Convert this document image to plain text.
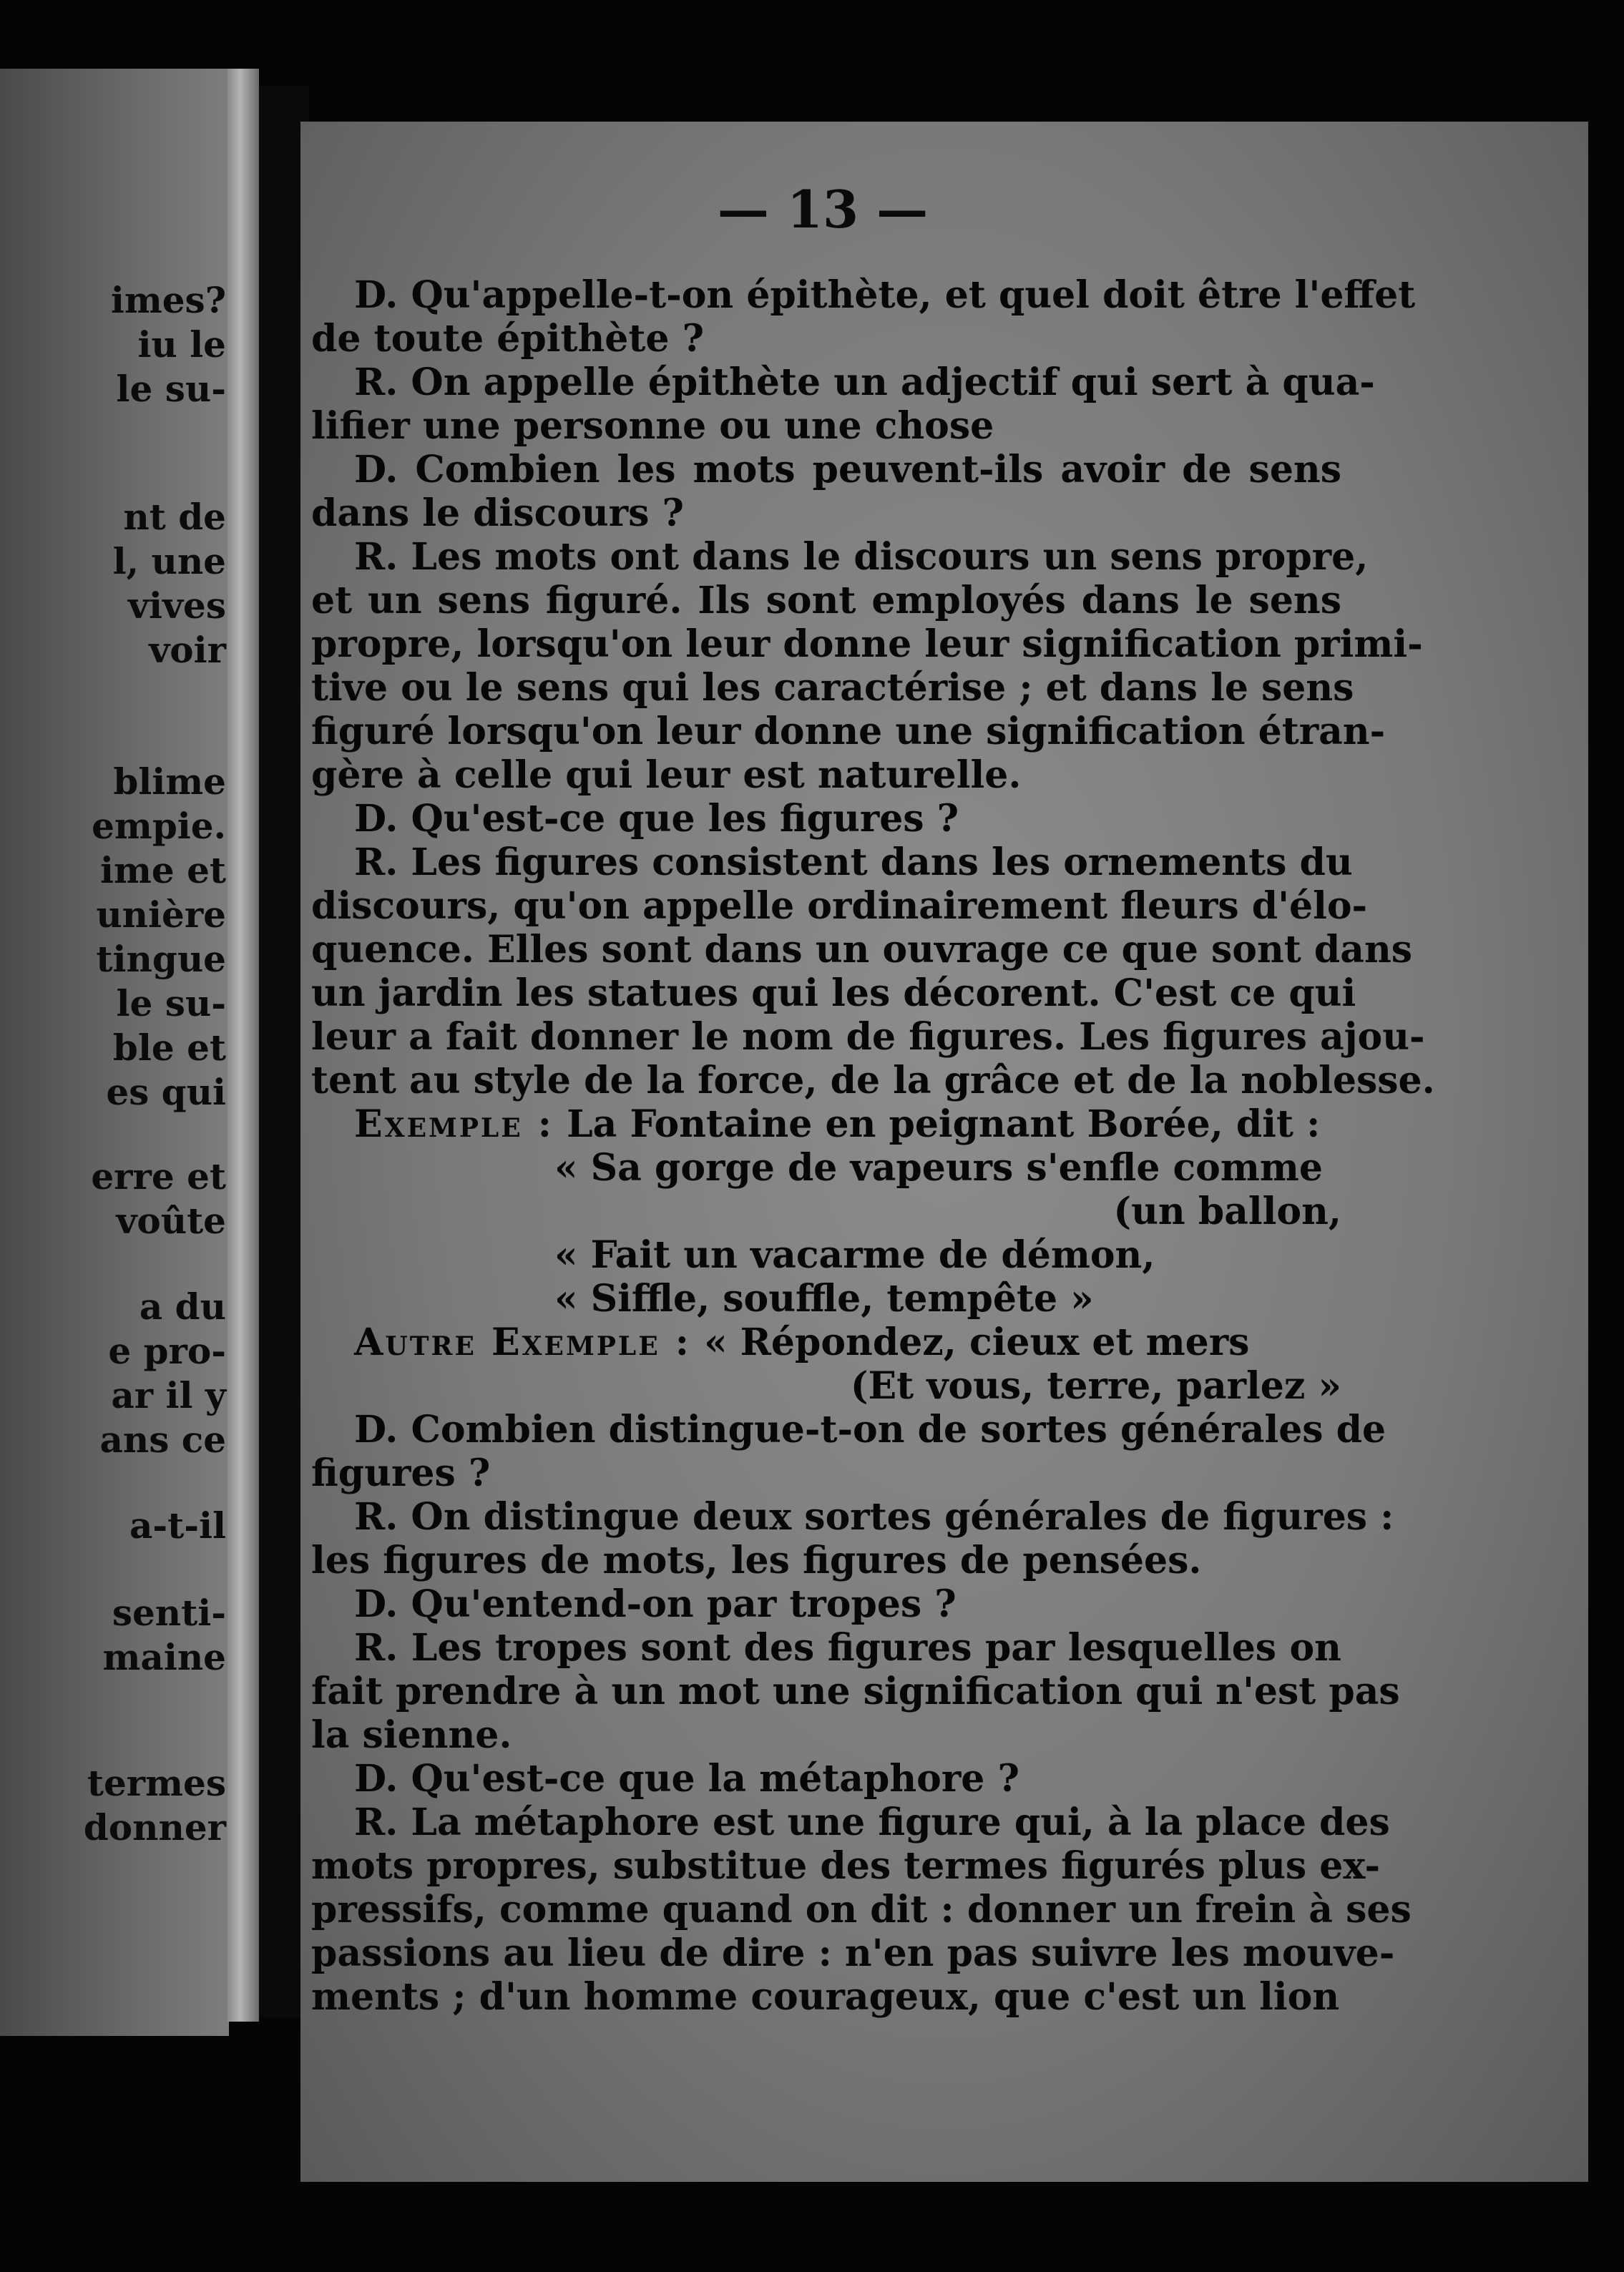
imes?
iu le
le su-
nt de
l, une
vives
voir
blime
empie.
ime et
unière
tingue
le su-
ble et
es qui
erre et
voûte
a du
e pro-
ar il y
ans ce
a-t-il
senti-
maine
termes
donner
— 13 —
D. Qu'appelle-t-on épithète, et quel doit être l'effet
de toute épithète ?
R. On appelle épithète un adjectif qui sert à qua-
lifier une personne ou une chose
D. Combien les mots peuvent-ils avoir de sens
dans le discours ?
R. Les mots ont dans le discours un sens propre,
et un sens figuré. Ils sont employés dans le sens
propre, lorsqu'on leur donne leur signification primi-
tive ou le sens qui les caractérise ; et dans le sens
figuré lorsqu'on leur donne une signification étran-
gère à celle qui leur est naturelle.
D. Qu'est-ce que les figures ?
R. Les figures consistent dans les ornements du
discours, qu'on appelle ordinairement fleurs d'élo-
quence. Elles sont dans un ouvrage ce que sont dans
un jardin les statues qui les décorent. C'est ce qui
leur a fait donner le nom de figures. Les figures ajou-
tent au style de la force, de la grâce et de la noblesse.
Exemple : La Fontaine en peignant Borée, dit :
« Sa gorge de vapeurs s'enfle comme
(un ballon,
« Fait un vacarme de démon,
« Siffle, souffle, tempête »
Autre Exemple : « Répondez, cieux et mers
(Et vous, terre, parlez »
D. Combien distingue-t-on de sortes générales de
figures ?
R. On distingue deux sortes générales de figures :
les figures de mots, les figures de pensées.
D. Qu'entend-on par tropes ?
R. Les tropes sont des figures par lesquelles on
fait prendre à un mot une signification qui n'est pas
la sienne.
D. Qu'est-ce que la métaphore ?
R. La métaphore est une figure qui, à la place des
mots propres, substitue des termes figurés plus ex-
pressifs, comme quand on dit : donner un frein à ses
passions au lieu de dire : n'en pas suivre les mouve-
ments ; d'un homme courageux, que c'est un lion
